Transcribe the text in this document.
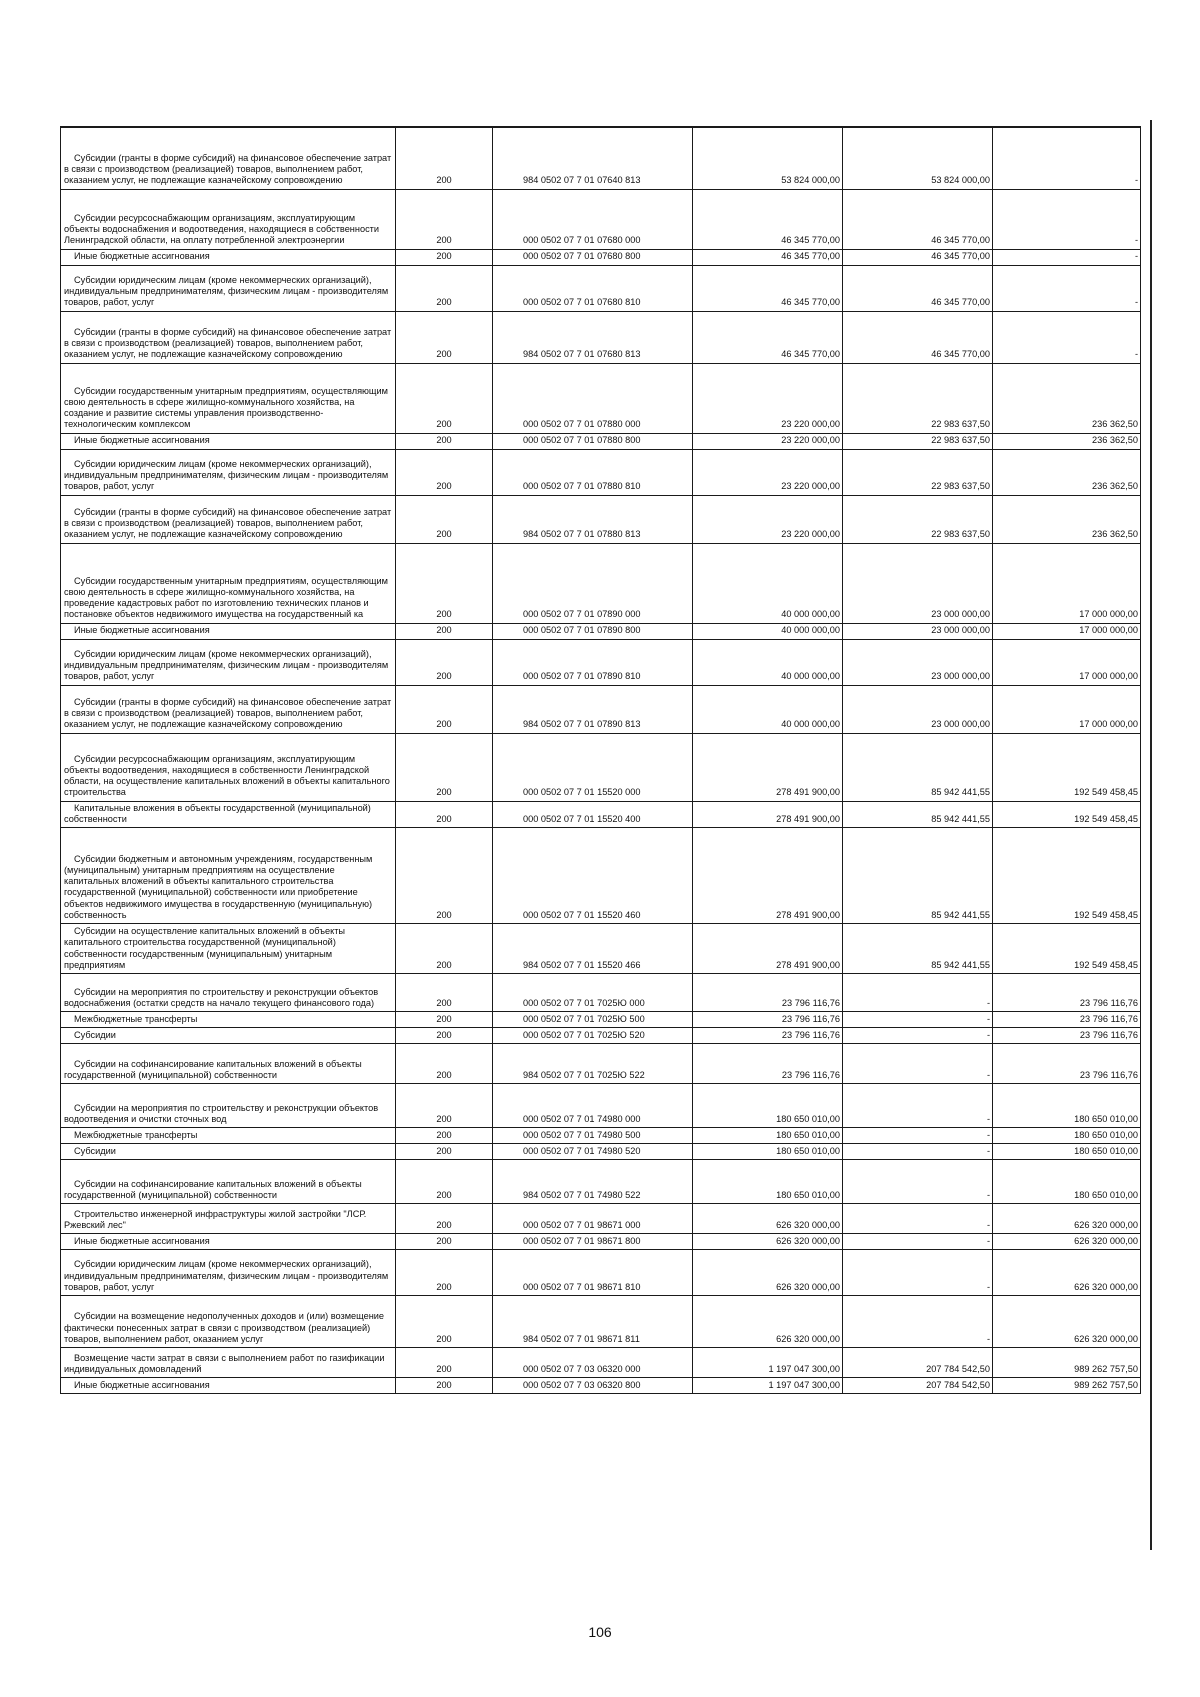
Субсидии (гранты в форме субсидий) на финансовое обеспечение затрат в связи с производством (реализацией) товаров, выполнением работ, оказанием услуг, не подлежащие казначейскому сопровождению	200	984 0502 07 7 01 07640 813	53 824 000,00	53 824 000,00	-

Субсидии ресурсоснабжающим организациям, эксплуатирующим объекты водоснабжения и водоотведения, находящиеся в собственности Ленинградской области, на оплату потребленной электроэнергии	200	000 0502 07 7 01 07680 000	46 345 770,00	46 345 770,00	-

Иные бюджетные ассигнования	200	000 0502 07 7 01 07680 800	46 345 770,00	46 345 770,00	-

Субсидии юридическим лицам (кроме некоммерческих организаций), индивидуальным предпринимателям, физическим лицам - производителям товаров, работ, услуг	200	000 0502 07 7 01 07680 810	46 345 770,00	46 345 770,00	-

Субсидии (гранты в форме субсидий) на финансовое обеспечение затрат в связи с производством (реализацией) товаров, выполнением работ, оказанием услуг, не подлежащие казначейскому сопровождению	200	984 0502 07 7 01 07680 813	46 345 770,00	46 345 770,00	-

Субсидии государственным унитарным предприятиям, осуществляющим свою деятельность в сфере жилищно-коммунального хозяйства, на создание и развитие системы управления производственно-технологическим комплексом	200	000 0502 07 7 01 07880 000	23 220 000,00	22 983 637,50	236 362,50

Иные бюджетные ассигнования	200	000 0502 07 7 01 07880 800	23 220 000,00	22 983 637,50	236 362,50

Субсидии юридическим лицам (кроме некоммерческих организаций), индивидуальным предпринимателям, физическим лицам - производителям товаров, работ, услуг	200	000 0502 07 7 01 07880 810	23 220 000,00	22 983 637,50	236 362,50

Субсидии (гранты в форме субсидий) на финансовое обеспечение затрат в связи с производством (реализацией) товаров, выполнением работ, оказанием услуг, не подлежащие казначейскому сопровождению	200	984 0502 07 7 01 07880 813	23 220 000,00	22 983 637,50	236 362,50

Субсидии государственным унитарным предприятиям, осуществляющим свою деятельность в сфере жилищно-коммунального хозяйства, на проведение кадастровых работ по изготовлению технических планов и постановке объектов недвижимого имущества на государственный ка	200	000 0502 07 7 01 07890 000	40 000 000,00	23 000 000,00	17 000 000,00

Иные бюджетные ассигнования	200	000 0502 07 7 01 07890 800	40 000 000,00	23 000 000,00	17 000 000,00

Субсидии юридическим лицам (кроме некоммерческих организаций), индивидуальным предпринимателям, физическим лицам - производителям товаров, работ, услуг	200	000 0502 07 7 01 07890 810	40 000 000,00	23 000 000,00	17 000 000,00

Субсидии (гранты в форме субсидий) на финансовое обеспечение затрат в связи с производством (реализацией) товаров, выполнением работ, оказанием услуг, не подлежащие казначейскому сопровождению	200	984 0502 07 7 01 07890 813	40 000 000,00	23 000 000,00	17 000 000,00

Субсидии ресурсоснабжающим организациям, эксплуатирующим объекты водоотведения, находящиеся в собственности Ленинградской области, на осуществление капитальных вложений в объекты капитального строительства	200	000 0502 07 7 01 15520 000	278 491 900,00	85 942 441,55	192 549 458,45

Капитальные вложения в объекты государственной (муниципальной) собственности	200	000 0502 07 7 01 15520 400	278 491 900,00	85 942 441,55	192 549 458,45

Субсидии бюджетным и автономным учреждениям, государственным (муниципальным) унитарным предприятиям на осуществление капитальных вложений в объекты капитального строительства государственной (муниципальной) собственности или приобретение объектов недвижимого имущества в государственную (муниципальную) собственность	200	000 0502 07 7 01 15520 460	278 491 900,00	85 942 441,55	192 549 458,45

Субсидии на осуществление капитальных вложений в объекты капитального строительства государственной (муниципальной) собственности государственным (муниципальным) унитарным предприятиям	200	984 0502 07 7 01 15520 466	278 491 900,00	85 942 441,55	192 549 458,45

Субсидии на мероприятия по строительству и реконструкции объектов водоснабжения (остатки средств на начало текущего финансового года)	200	000 0502 07 7 01 7025Ю 000	23 796 116,76	-	23 796 116,76

Межбюджетные трансферты	200	000 0502 07 7 01 7025Ю 500	23 796 116,76	-	23 796 116,76

Субсидии	200	000 0502 07 7 01 7025Ю 520	23 796 116,76	-	23 796 116,76

Субсидии на софинансирование капитальных вложений в объекты государственной (муниципальной) собственности	200	984 0502 07 7 01 7025Ю 522	23 796 116,76	-	23 796 116,76

Субсидии на мероприятия по строительству и реконструкции объектов водоотведения и очистки сточных вод	200	000 0502 07 7 01 74980 000	180 650 010,00	-	180 650 010,00

Межбюджетные трансферты	200	000 0502 07 7 01 74980 500	180 650 010,00	-	180 650 010,00

Субсидии	200	000 0502 07 7 01 74980 520	180 650 010,00	-	180 650 010,00

Субсидии на софинансирование капитальных вложений в объекты государственной (муниципальной) собственности	200	984 0502 07 7 01 74980 522	180 650 010,00	-	180 650 010,00

Строительство инженерной инфраструктуры жилой застройки "ЛСР. Ржевский лес"	200	000 0502 07 7 01 98671 000	626 320 000,00	-	626 320 000,00

Иные бюджетные ассигнования	200	000 0502 07 7 01 98671 800	626 320 000,00	-	626 320 000,00

Субсидии юридическим лицам (кроме некоммерческих организаций), индивидуальным предпринимателям, физическим лицам - производителям товаров, работ, услуг	200	000 0502 07 7 01 98671 810	626 320 000,00	-	626 320 000,00

Субсидии на возмещение недополученных доходов и (или) возмещение фактически понесенных затрат в связи с производством (реализацией) товаров, выполнением работ, оказанием услуг	200	984 0502 07 7 01 98671 811	626 320 000,00	-	626 320 000,00

Возмещение части затрат в связи с выполнением работ по газификации индивидуальных домовладений	200	000 0502 07 7 03 06320 000	1 197 047 300,00	207 784 542,50	989 262 757,50

Иные бюджетные ассигнования	200	000 0502 07 7 03 06320 800	1 197 047 300,00	207 784 542,50	989 262 757,50
106
